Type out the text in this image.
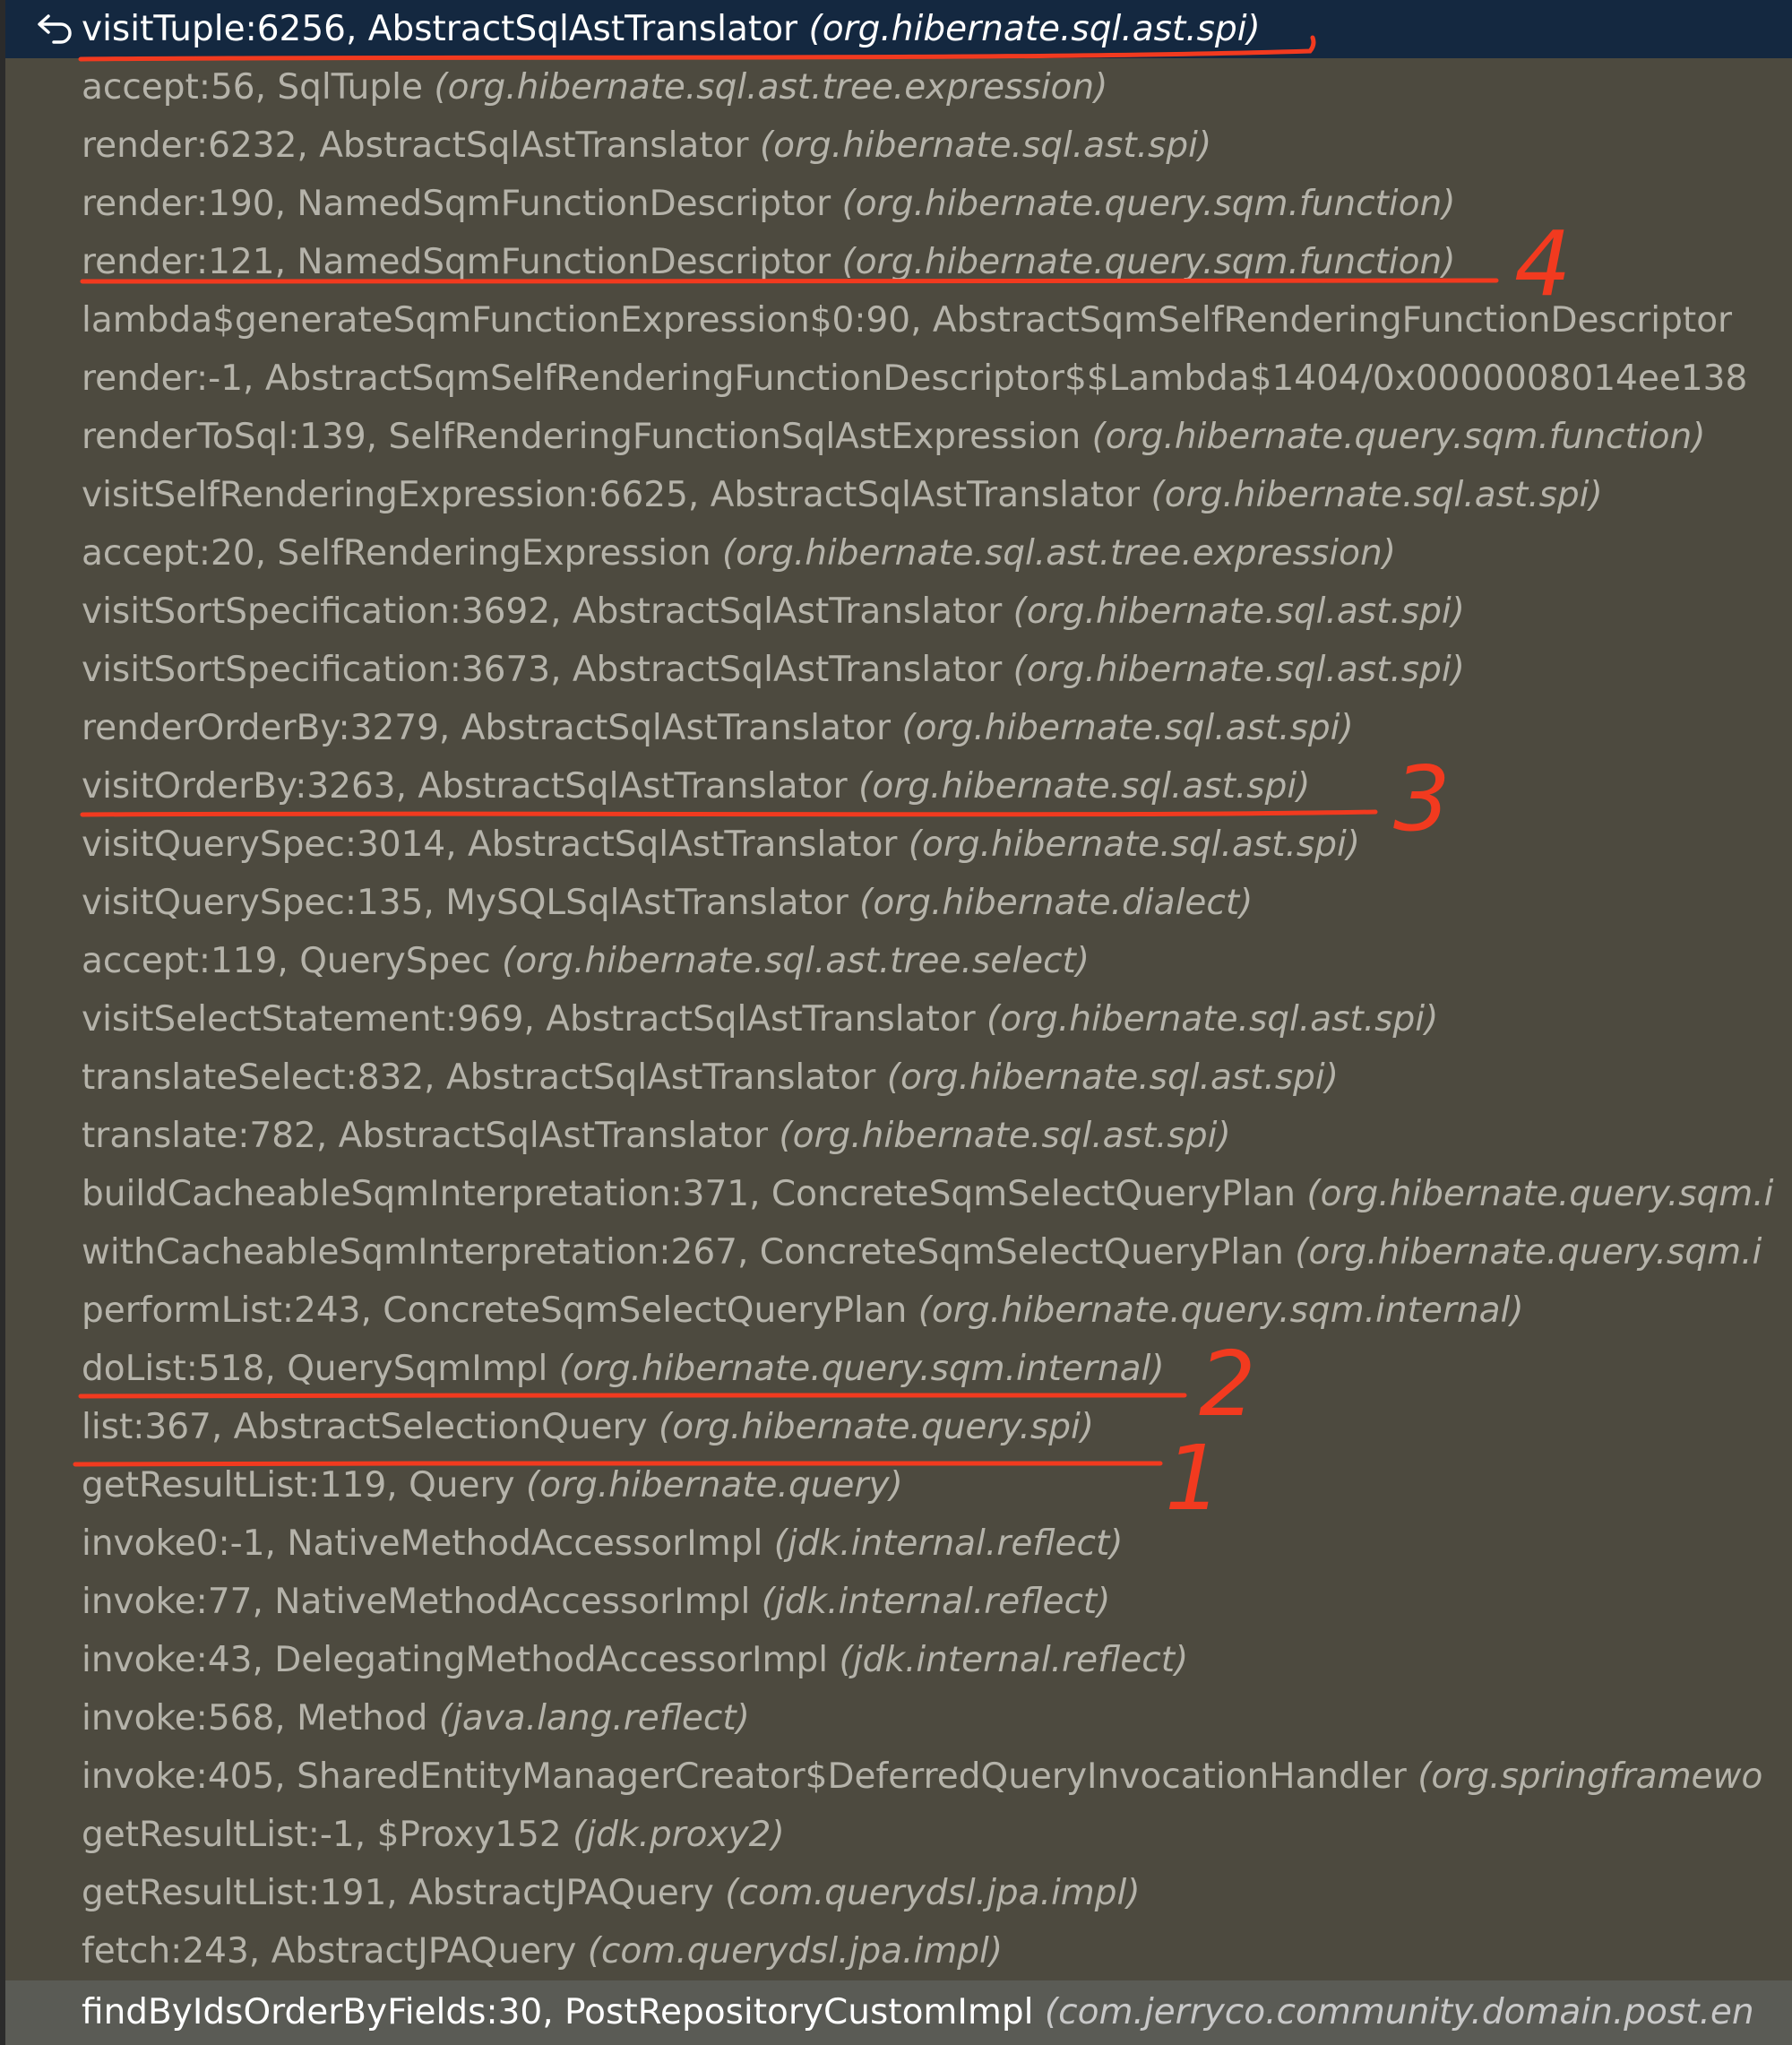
visitTuple:6256, AbstractSqlAstTranslator (org.hibernate.sql.ast.spi)
accept:56, SqlTuple (org.hibernate.sql.ast.tree.expression)
render:6232, AbstractSqlAstTranslator (org.hibernate.sql.ast.spi)
render:190, NamedSqmFunctionDescriptor (org.hibernate.query.sqm.function)
render:121, NamedSqmFunctionDescriptor (org.hibernate.query.sqm.function)
lambda$generateSqmFunctionExpression$0:90, AbstractSqmSelfRenderingFunctionDescriptor
render:-1, AbstractSqmSelfRenderingFunctionDescriptor$$Lambda$1404/0x0000008014ee138
renderToSql:139, SelfRenderingFunctionSqlAstExpression (org.hibernate.query.sqm.function)
visitSelfRenderingExpression:6625, AbstractSqlAstTranslator (org.hibernate.sql.ast.spi)
accept:20, SelfRenderingExpression (org.hibernate.sql.ast.tree.expression)
visitSortSpecification:3692, AbstractSqlAstTranslator (org.hibernate.sql.ast.spi)
visitSortSpecification:3673, AbstractSqlAstTranslator (org.hibernate.sql.ast.spi)
renderOrderBy:3279, AbstractSqlAstTranslator (org.hibernate.sql.ast.spi)
visitOrderBy:3263, AbstractSqlAstTranslator (org.hibernate.sql.ast.spi)
visitQuerySpec:3014, AbstractSqlAstTranslator (org.hibernate.sql.ast.spi)
visitQuerySpec:135, MySQLSqlAstTranslator (org.hibernate.dialect)
accept:119, QuerySpec (org.hibernate.sql.ast.tree.select)
visitSelectStatement:969, AbstractSqlAstTranslator (org.hibernate.sql.ast.spi)
translateSelect:832, AbstractSqlAstTranslator (org.hibernate.sql.ast.spi)
translate:782, AbstractSqlAstTranslator (org.hibernate.sql.ast.spi)
buildCacheableSqmInterpretation:371, ConcreteSqmSelectQueryPlan (org.hibernate.query.sqm.i
withCacheableSqmInterpretation:267, ConcreteSqmSelectQueryPlan (org.hibernate.query.sqm.i
performList:243, ConcreteSqmSelectQueryPlan (org.hibernate.query.sqm.internal)
doList:518, QuerySqmImpl (org.hibernate.query.sqm.internal)
list:367, AbstractSelectionQuery (org.hibernate.query.spi)
getResultList:119, Query (org.hibernate.query)
invoke0:-1, NativeMethodAccessorImpl (jdk.internal.reflect)
invoke:77, NativeMethodAccessorImpl (jdk.internal.reflect)
invoke:43, DelegatingMethodAccessorImpl (jdk.internal.reflect)
invoke:568, Method (java.lang.reflect)
invoke:405, SharedEntityManagerCreator$DeferredQueryInvocationHandler (org.springframewo
getResultList:-1, $Proxy152 (jdk.proxy2)
getResultList:191, AbstractJPAQuery (com.querydsl.jpa.impl)
fetch:243, AbstractJPAQuery (com.querydsl.jpa.impl)
findByIdsOrderByFields:30, PostRepositoryCustomImpl (com.jerryco.community.domain.post.en
4
3
2
1
